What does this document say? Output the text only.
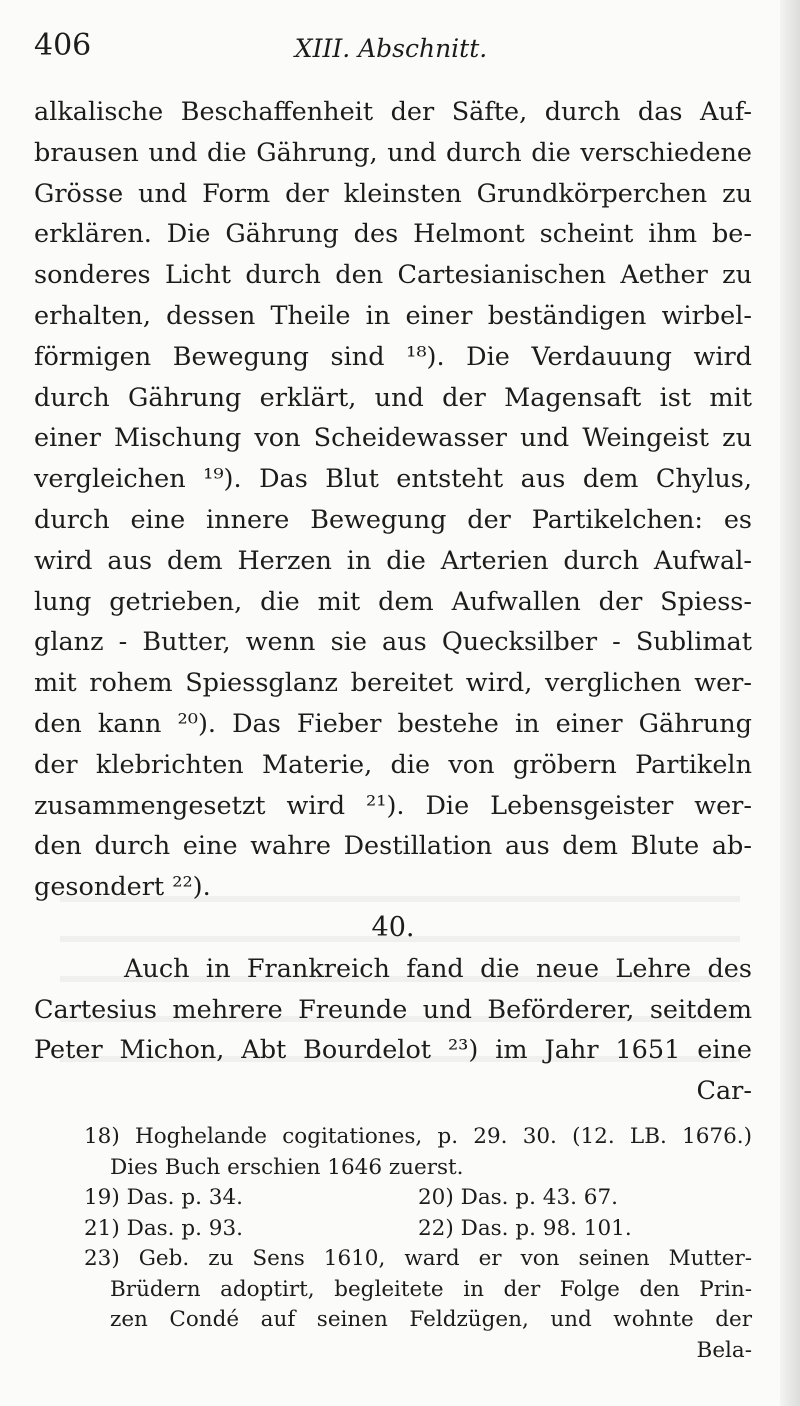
406	XIII. Abschnitt.
alkalische Beschaffenheit der Säfte, durch das Auf-
brausen und die Gährung, und durch die verschiedene
Grösse und Form der kleinsten Grundkörperchen zu
erklären. Die Gährung des Helmont scheint ihm be-
sonderes Licht durch den Cartesianischen Aether zu
erhalten, dessen Theile in einer beständigen wirbel-
förmigen Bewegung sind ¹⁸). Die Verdauung wird
durch Gährung erklärt, und der Magensaft ist mit
einer Mischung von Scheidewasser und Weingeist zu
vergleichen ¹⁹). Das Blut entsteht aus dem Chylus,
durch eine innere Bewegung der Partikelchen: es
wird aus dem Herzen in die Arterien durch Aufwal-
lung getrieben, die mit dem Aufwallen der Spiess-
glanz - Butter, wenn sie aus Quecksilber - Sublimat
mit rohem Spiessglanz bereitet wird, verglichen wer-
den kann ²⁰). Das Fieber bestehe in einer Gährung
der klebrichten Materie, die von gröbern Partikeln
zusammengesetzt wird ²¹). Die Lebensgeister wer-
den durch eine wahre Destillation aus dem Blute ab-
gesondert ²²).
40.
Auch in Frankreich fand die neue Lehre des
Cartesius mehrere Freunde und Beförderer, seitdem
Peter Michon, Abt Bourdelot ²³) im Jahr 1651 eine
Car-
18) Hoghelande cogitationes, p. 29. 30. (12. LB. 1676.)
Dies Buch erschien 1646 zuerst.
19) Das. p. 34.	20) Das. p. 43. 67.
21) Das. p. 93.	22) Das. p. 98. 101.
23) Geb. zu Sens 1610, ward er von seinen Mutter-
Brüdern adoptirt, begleitete in der Folge den Prin-
zen Condé auf seinen Feldzügen, und wohnte der
Bela-
